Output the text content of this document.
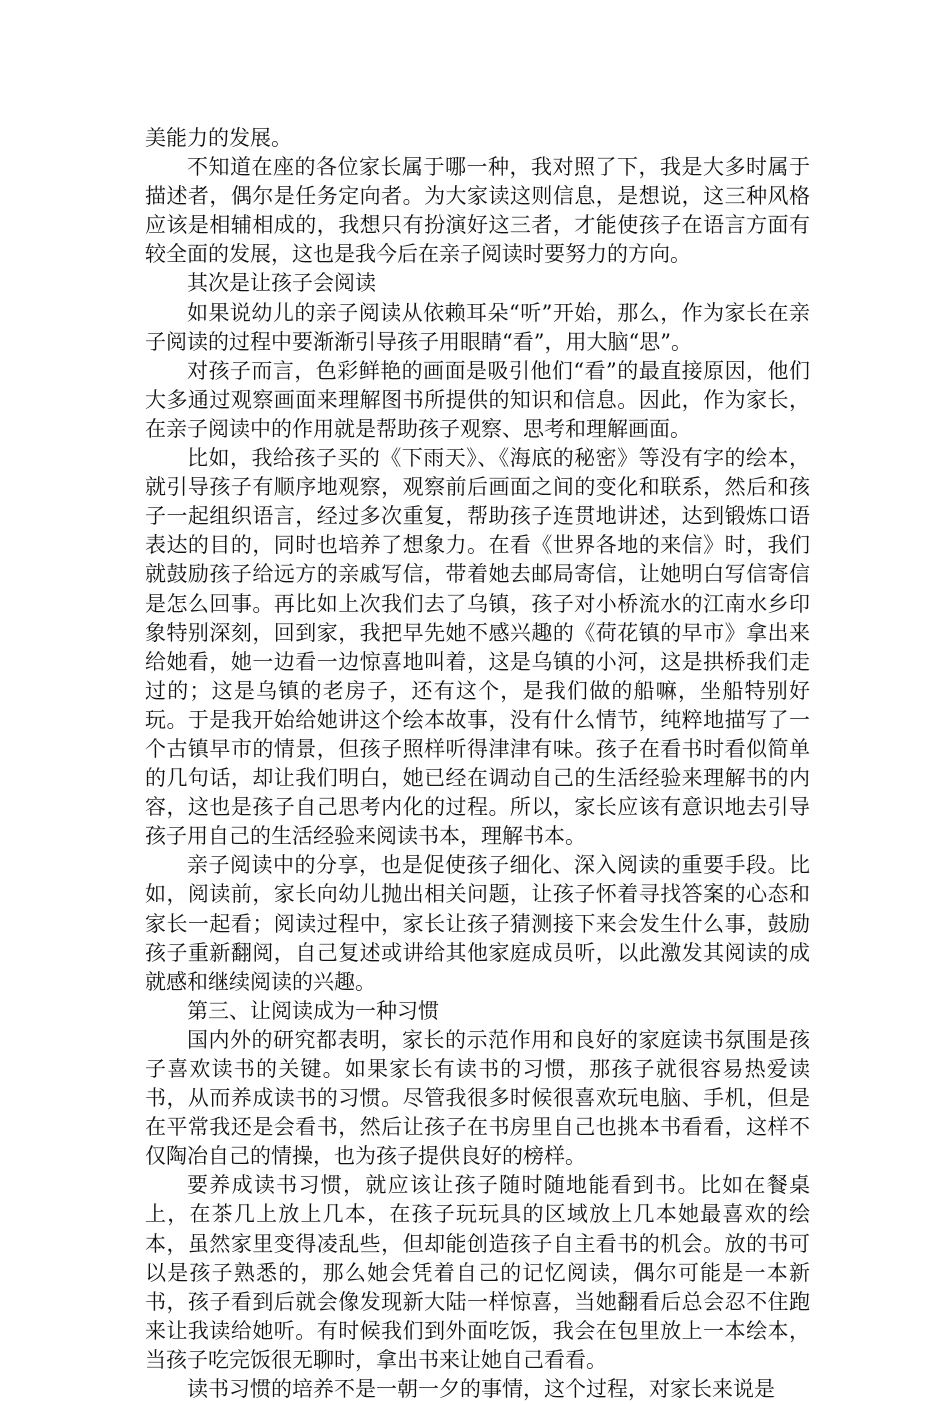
美能力的发展。

不知道在座的各位家长属于哪一种，我对照了下，我是大多时属于描述者，偶尔是任务定向者。为大家读这则信息，是想说，这三种风格应该是相辅相成的，我想只有扮演好这三者，才能使孩子在语言方面有较全面的发展，这也是我今后在亲子阅读时要努力的方向。

其次是让孩子会阅读

如果说幼儿的亲子阅读从依赖耳朵“听”开始，那么，作为家长在亲子阅读的过程中要渐渐引导孩子用眼睛“看”，用大脑“思”。

对孩子而言，色彩鲜艳的画面是吸引他们“看”的最直接原因，他们大多通过观察画面来理解图书所提供的知识和信息。因此，作为家长，在亲子阅读中的作用就是帮助孩子观察、思考和理解画面。

比如，我给孩子买的《下雨天》、《海底的秘密》等没有字的绘本，就引导孩子有顺序地观察，观察前后画面之间的变化和联系，然后和孩子一起组织语言，经过多次重复，帮助孩子连贯地讲述，达到锻炼口语表达的目的，同时也培养了想象力。在看《世界各地的来信》时，我们就鼓励孩子给远方的亲戚写信，带着她去邮局寄信，让她明白写信寄信是怎么回事。再比如上次我们去了乌镇，孩子对小桥流水的江南水乡印象特别深刻，回到家，我把早先她不感兴趣的《荷花镇的早市》拿出来给她看，她一边看一边惊喜地叫着，这是乌镇的小河，这是拱桥我们走过的；这是乌镇的老房子，还有这个，是我们做的船嘛，坐船特别好玩。于是我开始给她讲这个绘本故事，没有什么情节，纯粹地描写了一个古镇早市的情景，但孩子照样听得津津有味。孩子在看书时看似简单的几句话，却让我们明白，她已经在调动自己的生活经验来理解书的内容，这也是孩子自己思考内化的过程。所以，家长应该有意识地去引导孩子用自己的生活经验来阅读书本，理解书本。

亲子阅读中的分享，也是促使孩子细化、深入阅读的重要手段。比如，阅读前，家长向幼儿抛出相关问题，让孩子怀着寻找答案的心态和家长一起看；阅读过程中，家长让孩子猜测接下来会发生什么事，鼓励孩子重新翻阅，自己复述或讲给其他家庭成员听，以此激发其阅读的成就感和继续阅读的兴趣。

第三、让阅读成为一种习惯

国内外的研究都表明，家长的示范作用和良好的家庭读书氛围是孩子喜欢读书的关键。如果家长有读书的习惯，那孩子就很容易热爱读书，从而养成读书的习惯。尽管我很多时候很喜欢玩电脑、手机，但是在平常我还是会看书，然后让孩子在书房里自己也挑本书看看，这样不仅陶冶自己的情操，也为孩子提供良好的榜样。

要养成读书习惯，就应该让孩子随时随地能看到书。比如在餐桌上，在茶几上放上几本，在孩子玩玩具的区域放上几本她最喜欢的绘本，虽然家里变得凌乱些，但却能创造孩子自主看书的机会。放的书可以是孩子熟悉的，那么她会凭着自己的记忆阅读，偶尔可能是一本新书，孩子看到后就会像发现新大陆一样惊喜，当她翻看后总会忍不住跑来让我读给她听。有时候我们到外面吃饭，我会在包里放上一本绘本，当孩子吃完饭很无聊时，拿出书来让她自己看看。

读书习惯的培养不是一朝一夕的事情，这个过程，对家长来说是
